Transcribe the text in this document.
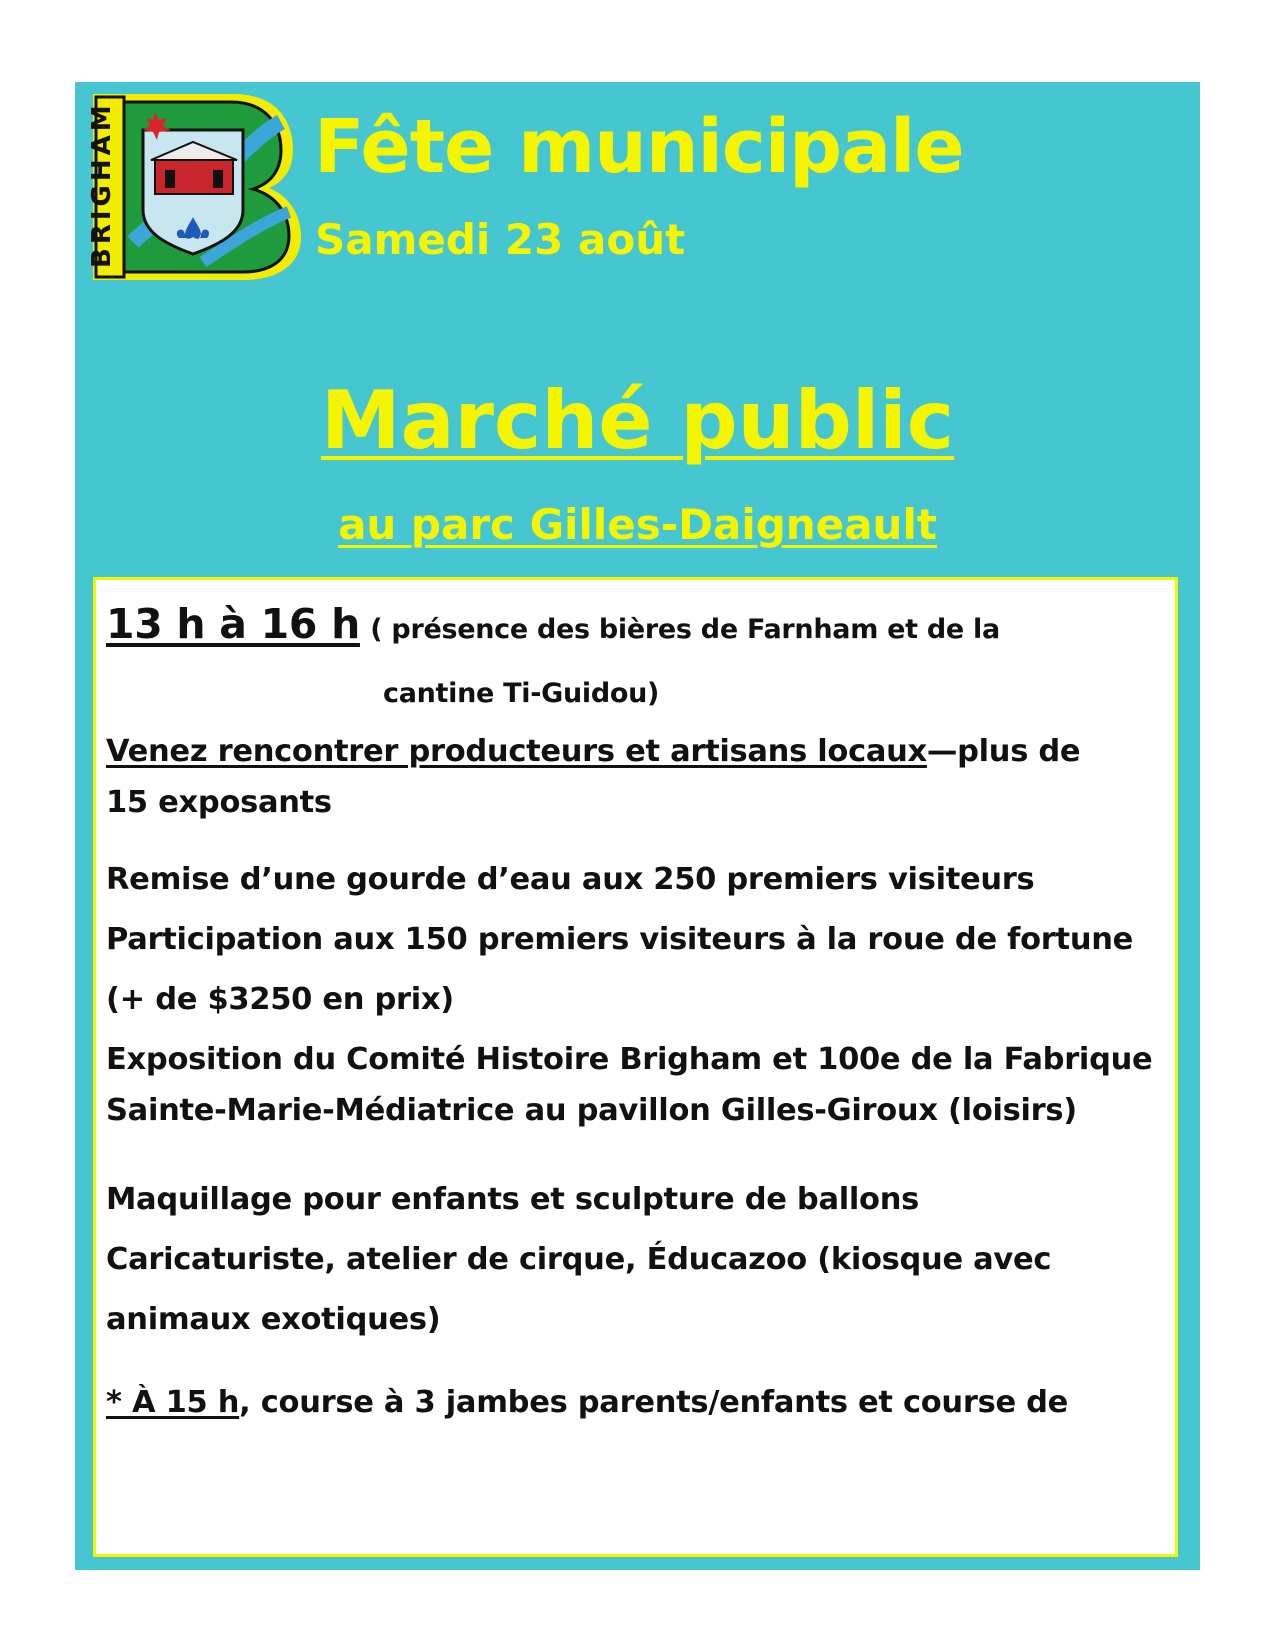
BRIGHAM	Fête municipale

Samedi 23 août

Marché public

au parc Gilles-Daigneault

13 h à 16 h ( présence des bières de Farnham et de la

cantine Ti-Guidou)

Venez rencontrer producteurs et artisans locaux—plus de

15 exposants

Remise d’une gourde d’eau aux 250 premiers visiteurs

Participation aux 150 premiers visiteurs à la roue de fortune

(+ de $3250 en prix)

Exposition du Comité Histoire Brigham et 100e de la Fabrique

Sainte-Marie-Médiatrice au pavillon Gilles-Giroux (loisirs)

Maquillage pour enfants et sculpture de ballons

Caricaturiste, atelier de cirque, Éducazoo (kiosque avec

animaux exotiques)

* À 15 h, course à 3 jambes parents/enfants et course de
